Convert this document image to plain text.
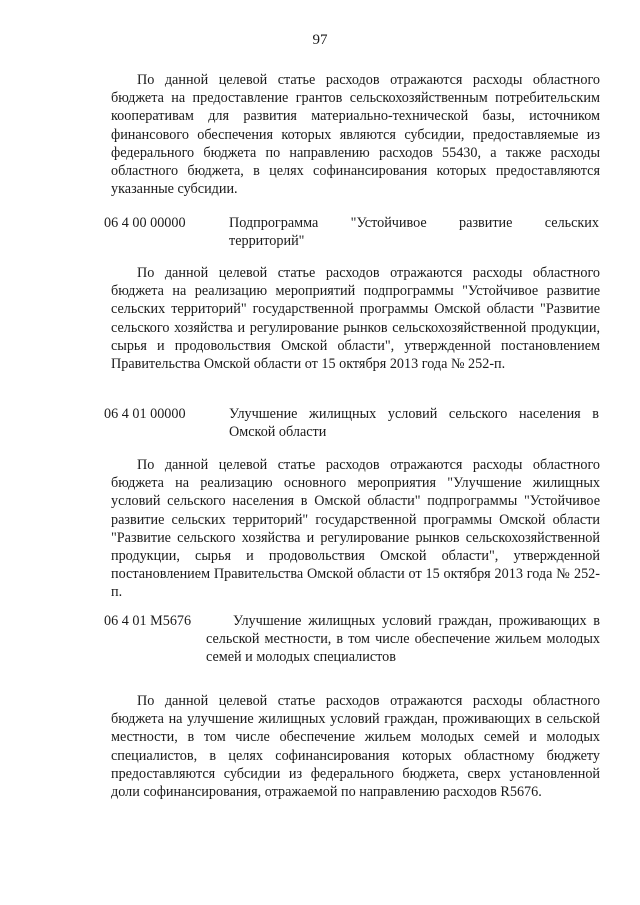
97

По данной целевой статье расходов отражаются расходы областного бюджета на предоставление грантов сельскохозяйственным потребительским кооперативам для развития материально-технической базы, источником финансового обеспечения которых являются субсидии, предоставляемые из федерального бюджета по направлению расходов 55430, а также расходы областного бюджета, в целях софинансирования которых предоставляются указанные субсидии.

06 4 00 00000	Подпрограмма "Устойчивое развитие сельских территорий"

По данной целевой статье расходов отражаются расходы областного бюджета на реализацию мероприятий подпрограммы "Устойчивое развитие сельских территорий" государственной программы Омской области "Развитие сельского хозяйства и регулирование рынков сельскохозяйственной продукции, сырья и продовольствия Омской области", утвержденной постановлением Правительства Омской области от 15 октября 2013 года № 252-п.

06 4 01 00000	Улучшение жилищных условий сельского населения в Омской области

По данной целевой статье расходов отражаются расходы областного бюджета на реализацию основного мероприятия "Улучшение жилищных условий сельского населения в Омской области" подпрограммы "Устойчивое развитие сельских территорий" государственной программы Омской области "Развитие сельского хозяйства и регулирование рынков сельскохозяйственной продукции, сырья и продовольствия Омской области", утвержденной постановлением Правительства Омской области от 15 октября 2013 года № 252-п.

06 4 01 M5676	Улучшение жилищных условий граждан, проживающих в сельской местности, в том числе обеспечение жильем молодых семей и молодых специалистов

По данной целевой статье расходов отражаются расходы областного бюджета на улучшение жилищных условий граждан, проживающих в сельской местности, в том числе обеспечение жильем молодых семей и молодых специалистов, в целях софинансирования которых областному бюджету предоставляются субсидии из федерального бюджета, сверх установленной доли софинансирования, отражаемой по направлению расходов R5676.
